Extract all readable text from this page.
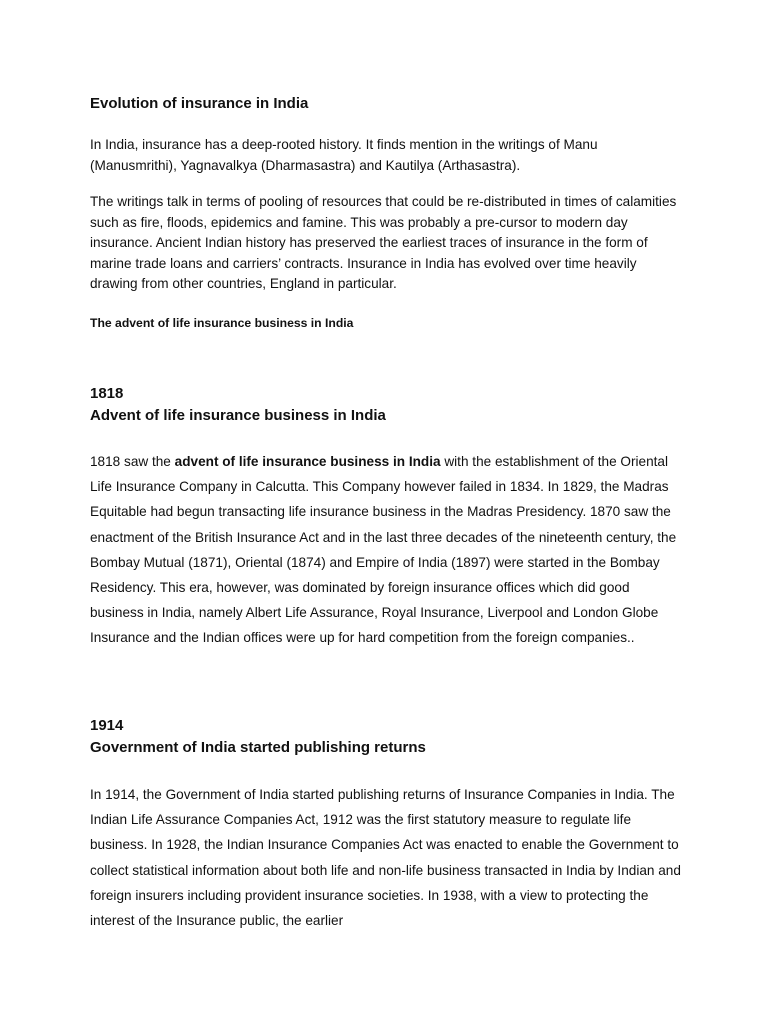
Evolution of insurance in India

In India, insurance has a deep-rooted history. It finds mention in the writings of Manu (Manusmrithi), Yagnavalkya (Dharmasastra) and Kautilya (Arthasastra).

The writings talk in terms of pooling of resources that could be re-distributed in times of calamities such as fire, floods, epidemics and famine. This was probably a pre-cursor to modern day insurance. Ancient Indian history has preserved the earliest traces of insurance in the form of marine trade loans and carriers’ contracts. Insurance in India has evolved over time heavily drawing from other countries, England in particular.

The advent of life insurance business in India
1818
Advent of life insurance business in India

1818 saw the advent of life insurance business in India with the establishment of the Oriental Life Insurance Company in Calcutta. This Company however failed in 1834. In 1829, the Madras Equitable had begun transacting life insurance business in the Madras Presidency. 1870 saw the enactment of the British Insurance Act and in the last three decades of the nineteenth century, the Bombay Mutual (1871), Oriental (1874) and Empire of India (1897) were started in the Bombay Residency. This era, however, was dominated by foreign insurance offices which did good business in India, namely Albert Life Assurance, Royal Insurance, Liverpool and London Globe Insurance and the Indian offices were up for hard competition from the foreign companies..

1914
Government of India started publishing returns

In 1914, the Government of India started publishing returns of Insurance Companies in India. The Indian Life Assurance Companies Act, 1912 was the first statutory measure to regulate life business. In 1928, the Indian Insurance Companies Act was enacted to enable the Government to collect statistical information about both life and non-life business transacted in India by Indian and foreign insurers including provident insurance societies. In 1938, with a view to protecting the interest of the Insurance public, the earlier
